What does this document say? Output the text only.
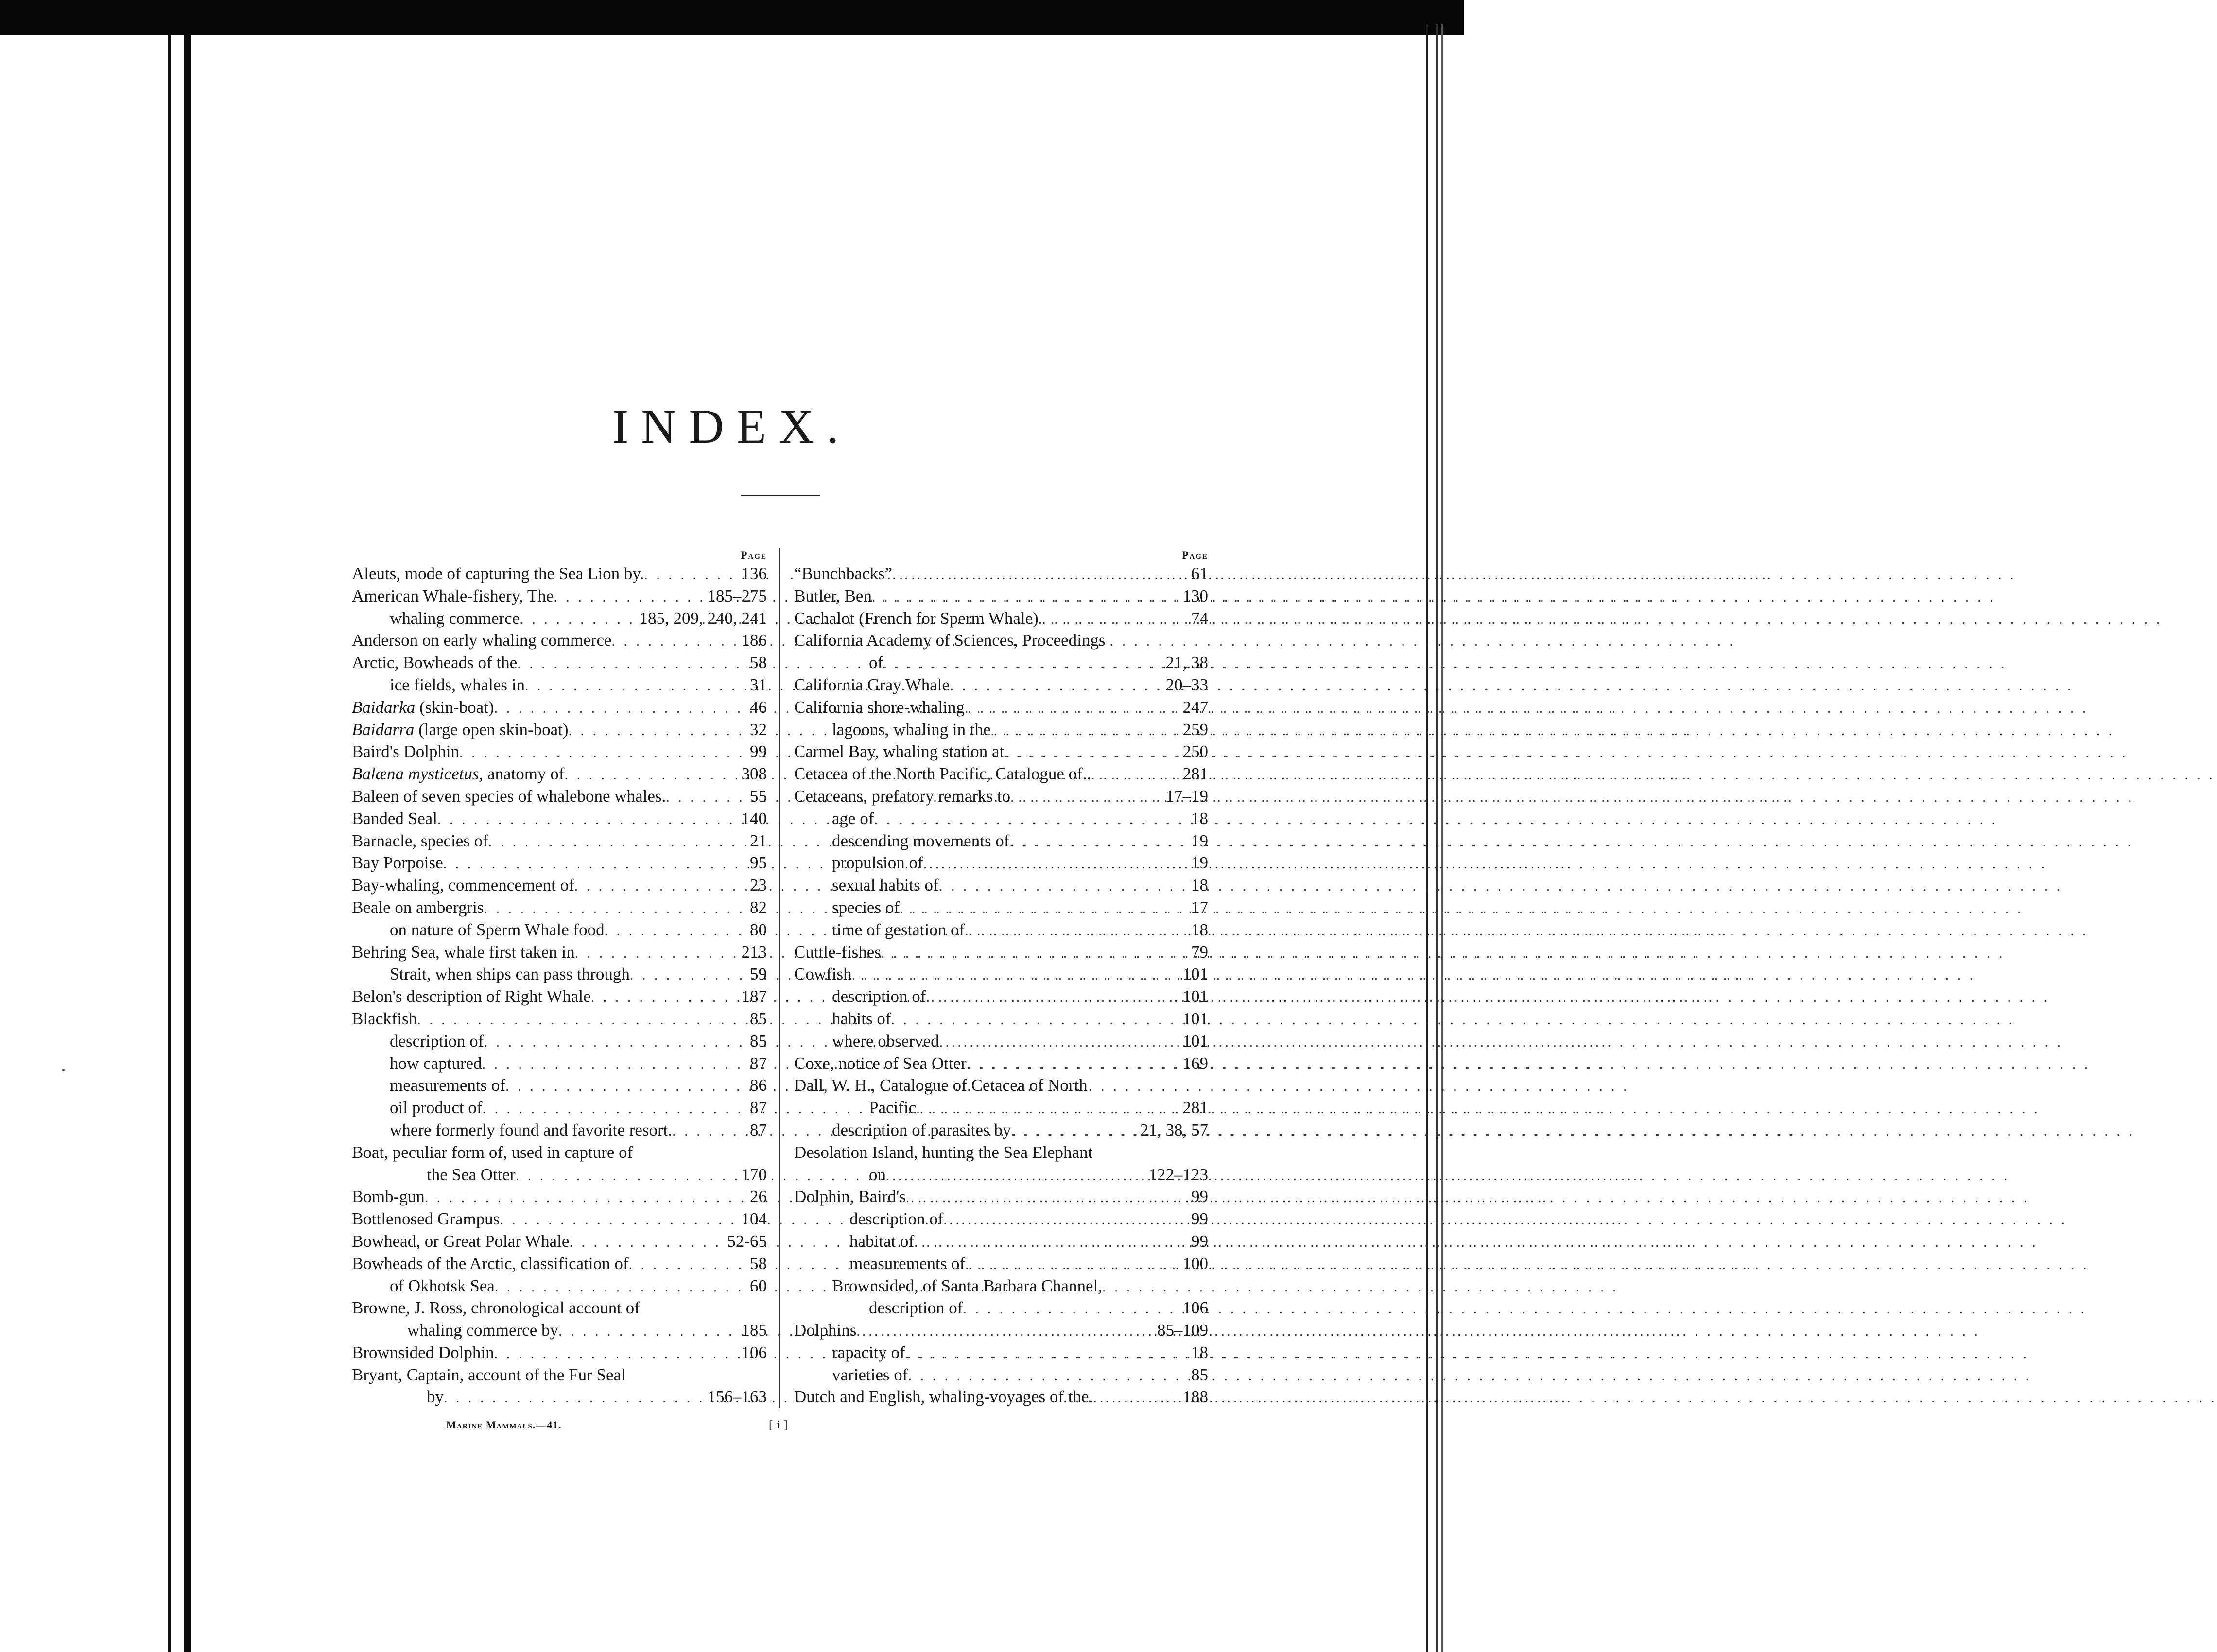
INDEX.
Page
Aleuts, mode of capturing the Sea Lion by. . . .	136
American Whale-fishery, The . . .	185–275
whaling commerce . . .	185, 209, 240, 241
Anderson on early whaling commerce . . .	186
Arctic, Bowheads of the . . .	58
ice fields, whales in . . .	31
Baidarka (skin-boat) . . .	46
Baidarra (large open skin-boat) . . .	32
Baird's Dolphin . . .	99
Balæna mysticetus, anatomy of . . .	308
Baleen of seven species of whalebone whales. . . .	55
Banded Seal . . .	140
Barnacle, species of . . .	21
Bay Porpoise . . .	95
Bay-whaling, commencement of . . .	23
Beale on ambergris . . .	82
on nature of Sperm Whale food . . .	80
Behring Sea, whale first taken in . . .	213
Strait, when ships can pass through . . .	59
Belon's description of Right Whale . . .	187
Blackfish . . .	85
description of . . .	85
how captured . . .	87
measurements of . . .	86
oil product of . . .	87
where formerly found and favorite resort. . . .	87
Boat, peculiar form of, used in capture of
the Sea Otter . . .	170
Bomb-gun . . .	26
Bottlenosed Grampus . . .	104
Bowhead, or Great Polar Whale . . .	52-65
Bowheads of the Arctic, classification of . . .	58
of Okhotsk Sea . . .	60
Browne, J. Ross, chronological account of
whaling commerce by . . .	185
Brownsided Dolphin . . .	106
Bryant, Captain, account of the Fur Seal
by . . .	156–163
Page
“Bunchbacks” . . .	61
Butler, Ben . . .	130
Cachalot (French for Sperm Whale) . . .	74
California Academy of Sciences, Proceedings
of . . .	21, 38
California Gray Whale . . .	20–33
California shore-whaling . . .	247
lagoons, whaling in the . . .	259
Carmel Bay, whaling station at . . .	250
Cetacea of the North Pacific, Catalogue of.. . . .	281
Cetaceans, prefatory remarks to . . .	17–19
age of . . .	18
descending movements of . . .	19
propulsion of . . .	19
sexual habits of . . .	18
species of . . .	17
time of gestation of . . .	18
Cuttle-fishes . . .	79
Cowfish . . .	101
description of . . .	101
habits of . . .	101
where observed . . .	101
Coxe, notice of Sea Otter . . .	169
Dall, W. H., Catalogue of Cetacea of North
Pacific . . .	281
description of parasites by . . .	21, 38, 57
Desolation Island, hunting the Sea Elephant
on . . .	122–123
Dolphin, Baird's . . .	99
description of . . .	99
habitat of . . .	99
measurements of . . .	100
Brownsided, of Santa Barbara Channel,
description of . . .	106
Dolphins . . .	85–109
rapacity of . . .	18
varieties of . . .	85
Dutch and English, whaling-voyages of the. . . .	188
Marine Mammals.—41.	[ i ]
